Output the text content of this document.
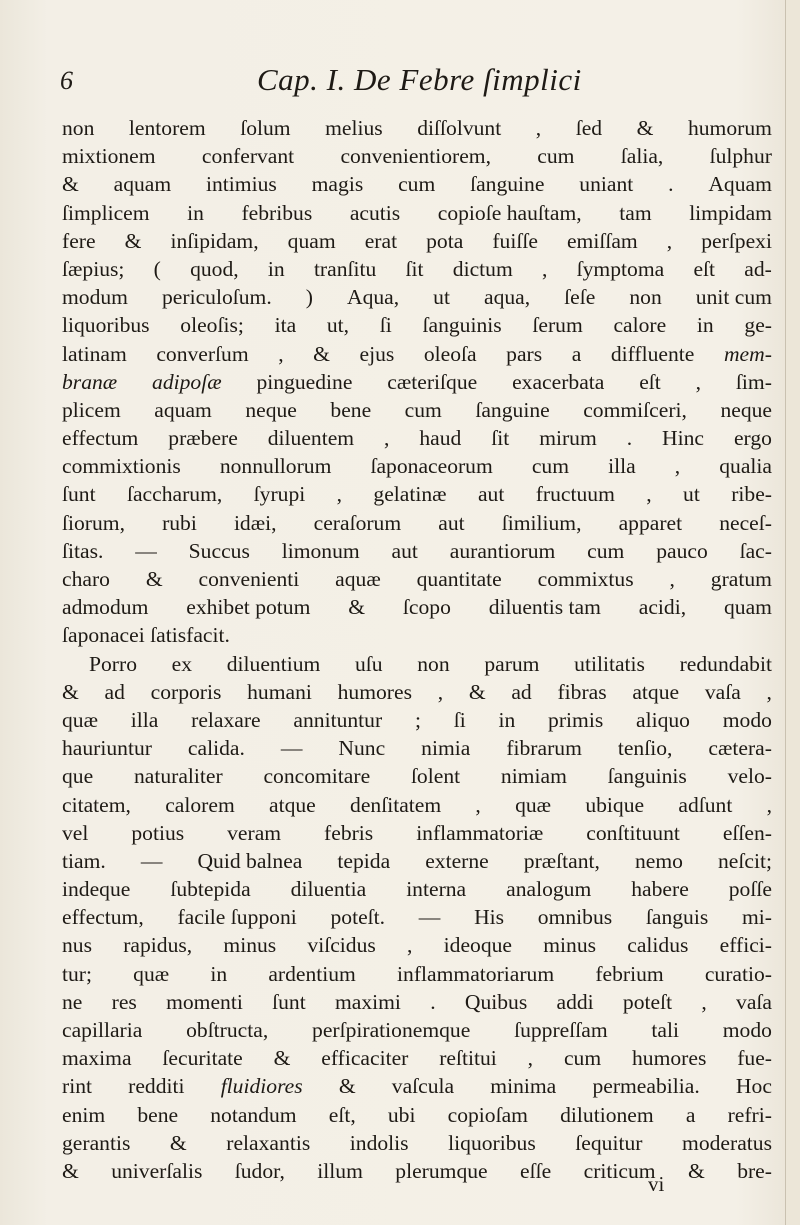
6	Cap. I. De Febre ſimplici
non lentorem ſolum melius diſſolvunt , ſed & humorum
mixtionem confervant convenientiorem, cum ſalia, ſulphur
& aquam intimius magis cum ſanguine uniant . Aquam
ſimplicem in febribus acutis copioſe hauſtam, tam limpidam
fere & inſipidam, quam erat pota fuiſſe emiſſam , perſpexi
ſæpius; ( quod, in tranſitu ſit dictum , ſymptoma eſt ad-
modum periculoſum. ) Aqua, ut aqua, ſeſe non unit cum
liquoribus oleoſis; ita ut, ſi ſanguinis ſerum calore in ge-
latinam converſum , & ejus oleoſa pars a diffluente mem-
branæ adipoſæ pinguedine cæteriſque exacerbata eſt , ſim-
plicem aquam neque bene cum ſanguine commiſceri, neque
effectum præbere diluentem , haud ſit mirum . Hinc ergo
commixtionis nonnullorum ſaponaceorum cum illa , qualia
ſunt ſaccharum, ſyrupi , gelatinæ aut fructuum , ut ribe-
ſiorum, rubi idæi, ceraſorum aut ſimilium, apparet neceſ-
ſitas. — Succus limonum aut aurantiorum cum pauco ſac-
charo & convenienti aquæ quantitate commixtus , gratum
admodum exhibet potum & ſcopo diluentis tam acidi, quam
ſaponacei ſatisfacit.
Porro ex diluentium uſu non parum utilitatis redundabit
& ad corporis humani humores , & ad fibras atque vaſa ,
quæ illa relaxare annituntur ; ſi in primis aliquo modo
hauriuntur calida. — Nunc nimia fibrarum tenſio, cætera-
que naturaliter concomitare ſolent nimiam ſanguinis velo-
citatem, calorem atque denſitatem , quæ ubique adſunt ,
vel potius veram febris inflammatoriæ conſtituunt eſſen-
tiam. — Quid balnea tepida externe præſtant, nemo neſcit;
indeque ſubtepida diluentia interna analogum habere poſſe
effectum, facile ſupponi poteſt. — His omnibus ſanguis mi-
nus rapidus, minus viſcidus , ideoque minus calidus effici-
tur; quæ in ardentium inflammatoriarum febrium curatio-
ne res momenti ſunt maximi . Quibus addi poteſt , vaſa
capillaria obſtructa, perſpirationemque ſuppreſſam tali modo
maxima ſecuritate & efficaciter reſtitui , cum humores fue-
rint redditi fluidiores & vaſcula minima permeabilia. Hoc
enim bene notandum eſt, ubi copioſam dilutionem a refri-
gerantis & relaxantis indolis liquoribus ſequitur moderatus
& univerſalis ſudor, illum plerumque eſſe criticum & bre-
vi
